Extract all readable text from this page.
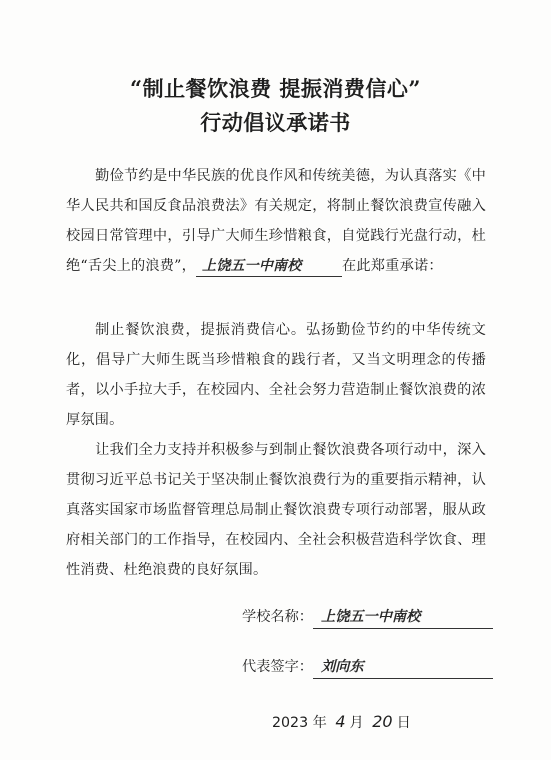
“制止餐饮浪费 提振消费信心”
行动倡议承诺书
勤俭节约是中华民族的优良作风和传统美德，为认真落实《中华人民共和国反食品浪费法》有关规定，将制止餐饮浪费宣传融入校园日常管理中，引导广大师生珍惜粮食，自觉践行光盘行动，杜绝“舌尖上的浪费”， 上饶五一中南校	在此郑重承诺：
制止餐饮浪费，提振消费信心。弘扬勤俭节约的中华传统文化，倡导广大师生既当珍惜粮食的践行者，又当文明理念的传播者，以小手拉大手，在校园内、全社会努力营造制止餐饮浪费的浓厚氛围。
让我们全力支持并积极参与到制止餐饮浪费各项行动中，深入贯彻习近平总书记关于坚决制止餐饮浪费行为的重要指示精神，认真落实国家市场监督管理总局制止餐饮浪费专项行动部署，服从政府相关部门的工作指导，在校园内、全社会积极营造科学饮食、理性消费、杜绝浪费的良好氛围。
学校名称： 上饶五一中南校
代表签字： 刘向东
2023 年 4 月 20 日
